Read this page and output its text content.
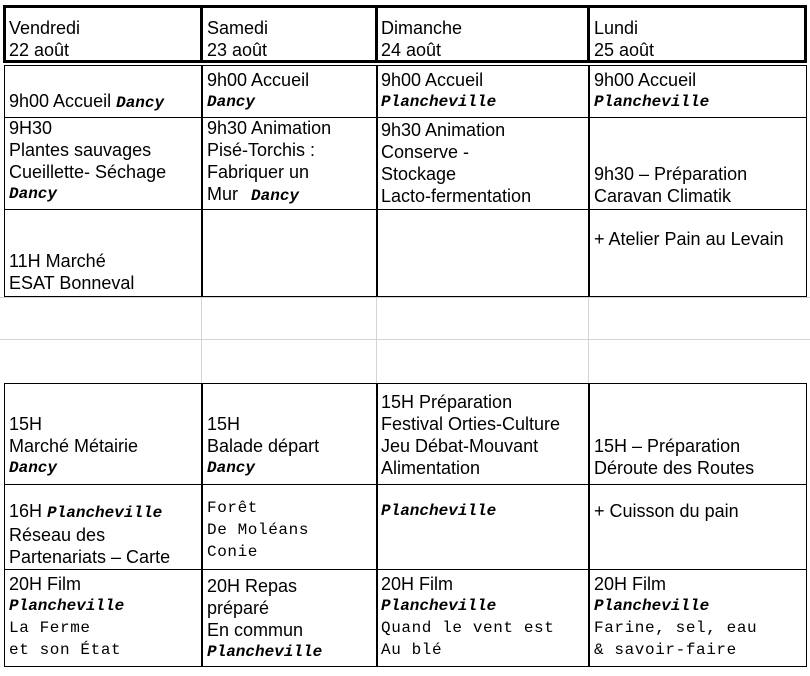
Vendredi
22 août
Samedi
23 août
Dimanche
24 août
Lundi
25 août
9h00 Accueil Dancy
9h00 Accueil
Dancy
9h00 Accueil
Plancheville
9h00 Accueil
Plancheville
9H30
Plantes sauvages
Cueillette- Séchage
Dancy
9h30 Animation
Pisé-Torchis :
Fabriquer un
Mur Dancy
9h30 Animation
Conserve -
Stockage
Lacto-fermentation
9h30 – Préparation
Caravan Climatik
11H Marché
ESAT Bonneval
+ Atelier Pain au Levain
15H
Marché Métairie
Dancy
15H
Balade départ
Dancy
15H Préparation
Festival Orties-Culture
Jeu Débat-Mouvant
Alimentation
15H – Préparation
Déroute des Routes
16H Plancheville
Réseau des
Partenariats – Carte
Forêt
De Moléans
Conie
Plancheville	+ Cuisson du pain
20H Film
Plancheville
La Ferme
et son État
20H Repas
préparé
En commun
Plancheville
20H Film
Plancheville
Quand le vent est
Au blé
20H Film
Plancheville
Farine, sel, eau
& savoir-faire
